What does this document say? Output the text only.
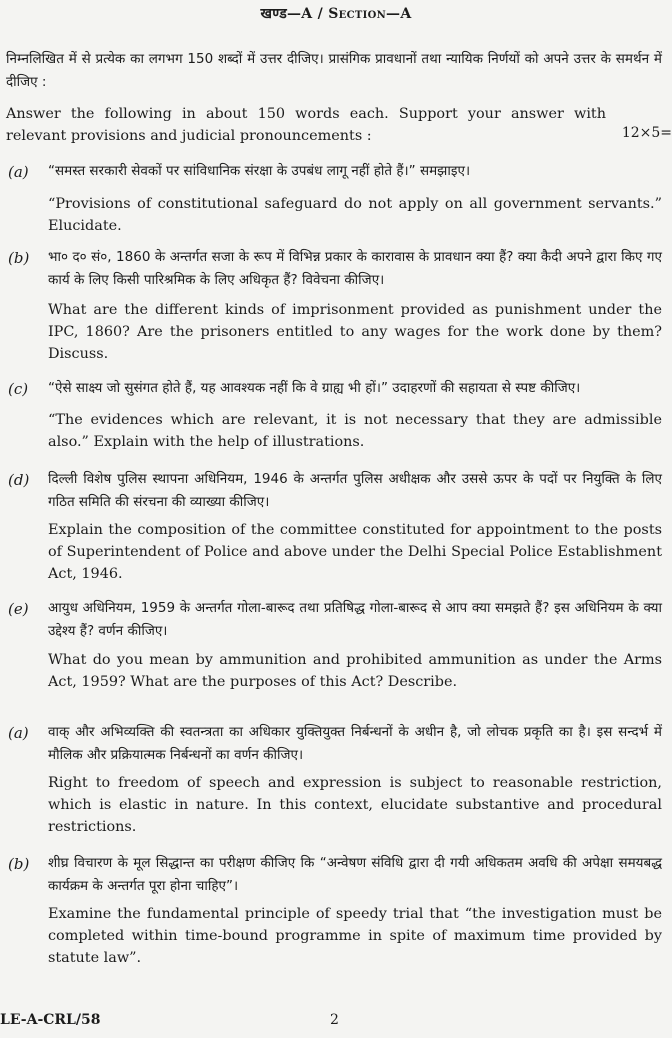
खण्ड—A / Section—A
निम्नलिखित में से प्रत्येक का लगभग 150 शब्दों में उत्तर दीजिए। प्रासंगिक प्रावधानों तथा न्यायिक निर्णयों को अपने उत्तर के समर्थन में दीजिए :
Answer the following in about 150 words each. Support your answer with relevant provisions and judicial pronouncements :	12×5=
(a) “समस्त सरकारी सेवकों पर सांविधानिक संरक्षा के उपबंध लागू नहीं होते हैं।” समझाइए।
“Provisions of constitutional safeguard do not apply on all government servants.” Elucidate.
(b) भा० द० सं०, 1860 के अन्तर्गत सजा के रूप में विभिन्न प्रकार के कारावास के प्रावधान क्या हैं? क्या कैदी अपने द्वारा किए गए कार्य के लिए किसी पारिश्रमिक के लिए अधिकृत हैं? विवेचना कीजिए।
What are the different kinds of imprisonment provided as punishment under the IPC, 1860? Are the prisoners entitled to any wages for the work done by them? Discuss.
(c) “ऐसे साक्ष्य जो सुसंगत होते हैं, यह आवश्यक नहीं कि वे ग्राह्य भी हों।” उदाहरणों की सहायता से स्पष्ट कीजिए।
“The evidences which are relevant, it is not necessary that they are admissible also.” Explain with the help of illustrations.
(d) दिल्ली विशेष पुलिस स्थापना अधिनियम, 1946 के अन्तर्गत पुलिस अधीक्षक और उससे ऊपर के पदों पर नियुक्ति के लिए गठित समिति की संरचना की व्याख्या कीजिए।
Explain the composition of the committee constituted for appointment to the posts of Superintendent of Police and above under the Delhi Special Police Establishment Act, 1946.
(e) आयुध अधिनियम, 1959 के अन्तर्गत गोला-बारूद तथा प्रतिषिद्ध गोला-बारूद से आप क्या समझते हैं? इस अधिनियम के क्या उद्देश्य हैं? वर्णन कीजिए।
What do you mean by ammunition and prohibited ammunition as under the Arms Act, 1959? What are the purposes of this Act? Describe.
(a) वाक् और अभिव्यक्ति की स्वतन्त्रता का अधिकार युक्तियुक्त निर्बन्धनों के अधीन है, जो लोचक प्रकृति का है। इस सन्दर्भ में मौलिक और प्रक्रियात्मक निर्बन्धनों का वर्णन कीजिए।
Right to freedom of speech and expression is subject to reasonable restriction, which is elastic in nature. In this context, elucidate substantive and procedural restrictions.
(b) शीघ्र विचारण के मूल सिद्धान्त का परीक्षण कीजिए कि “अन्वेषण संविधि द्वारा दी गयी अधिकतम अवधि की अपेक्षा समयबद्ध कार्यक्रम के अन्तर्गत पूरा होना चाहिए”।
Examine the fundamental principle of speedy trial that “the investigation must be completed within time-bound programme in spite of maximum time provided by statute law”.
LE-A-CRL/58	2
